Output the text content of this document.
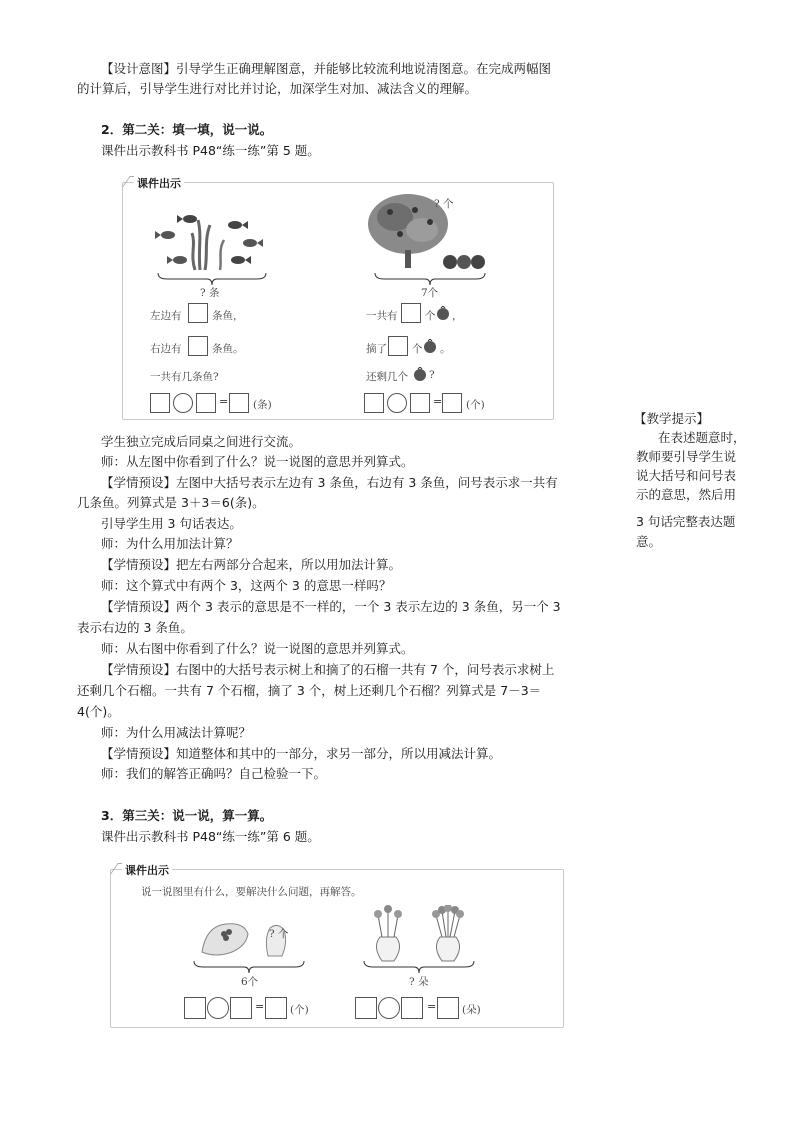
【设计意图】引导学生正确理解图意，并能够比较流利地说清图意。在完成两幅图
的计算后，引导学生进行对比并讨论，加深学生对加、减法含义的理解。
2．第二关：填一填，说一说。
课件出示教科书 P48“练一练”第 5 题。
课件出示
? 条
左边有	条鱼，
右边有	条鱼。
一共有几条鱼?
= (条)
? 个
7个
一共有	个 ，
摘了 个 。
还剩几个 ?
= (个)
【教学提示】
在表述题意时，
教师要引导学生说
说大括号和问号表
示的意思，然后用
3 句话完整表达题
意。
学生独立完成后同桌之间进行交流。
师：从左图中你看到了什么？说一说图的意思并列算式。
【学情预设】左图中大括号表示左边有 3 条鱼，右边有 3 条鱼，问号表示求一共有
几条鱼。列算式是 3＋3＝6(条)。
引导学生用 3 句话表达。
师：为什么用加法计算？
【学情预设】把左右两部分合起来，所以用加法计算。
师：这个算式中有两个 3，这两个 3 的意思一样吗？
【学情预设】两个 3 表示的意思是不一样的，一个 3 表示左边的 3 条鱼，另一个 3
表示右边的 3 条鱼。
师：从右图中你看到了什么？说一说图的意思并列算式。
【学情预设】右图中的大括号表示树上和摘了的石榴一共有 7 个，问号表示求树上
还剩几个石榴。一共有 7 个石榴，摘了 3 个，树上还剩几个石榴？列算式是 7－3＝
4(个)。
师：为什么用减法计算呢？
【学情预设】知道整体和其中的一部分，求另一部分，所以用减法计算。
师：我们的解答正确吗？自己检验一下。
3．第三关：说一说，算一算。
课件出示教科书 P48“练一练”第 6 题。
课件出示
说一说图里有什么，要解决什么问题，再解答。
? 个
6个
= (个)
? 朵
= (朵)
